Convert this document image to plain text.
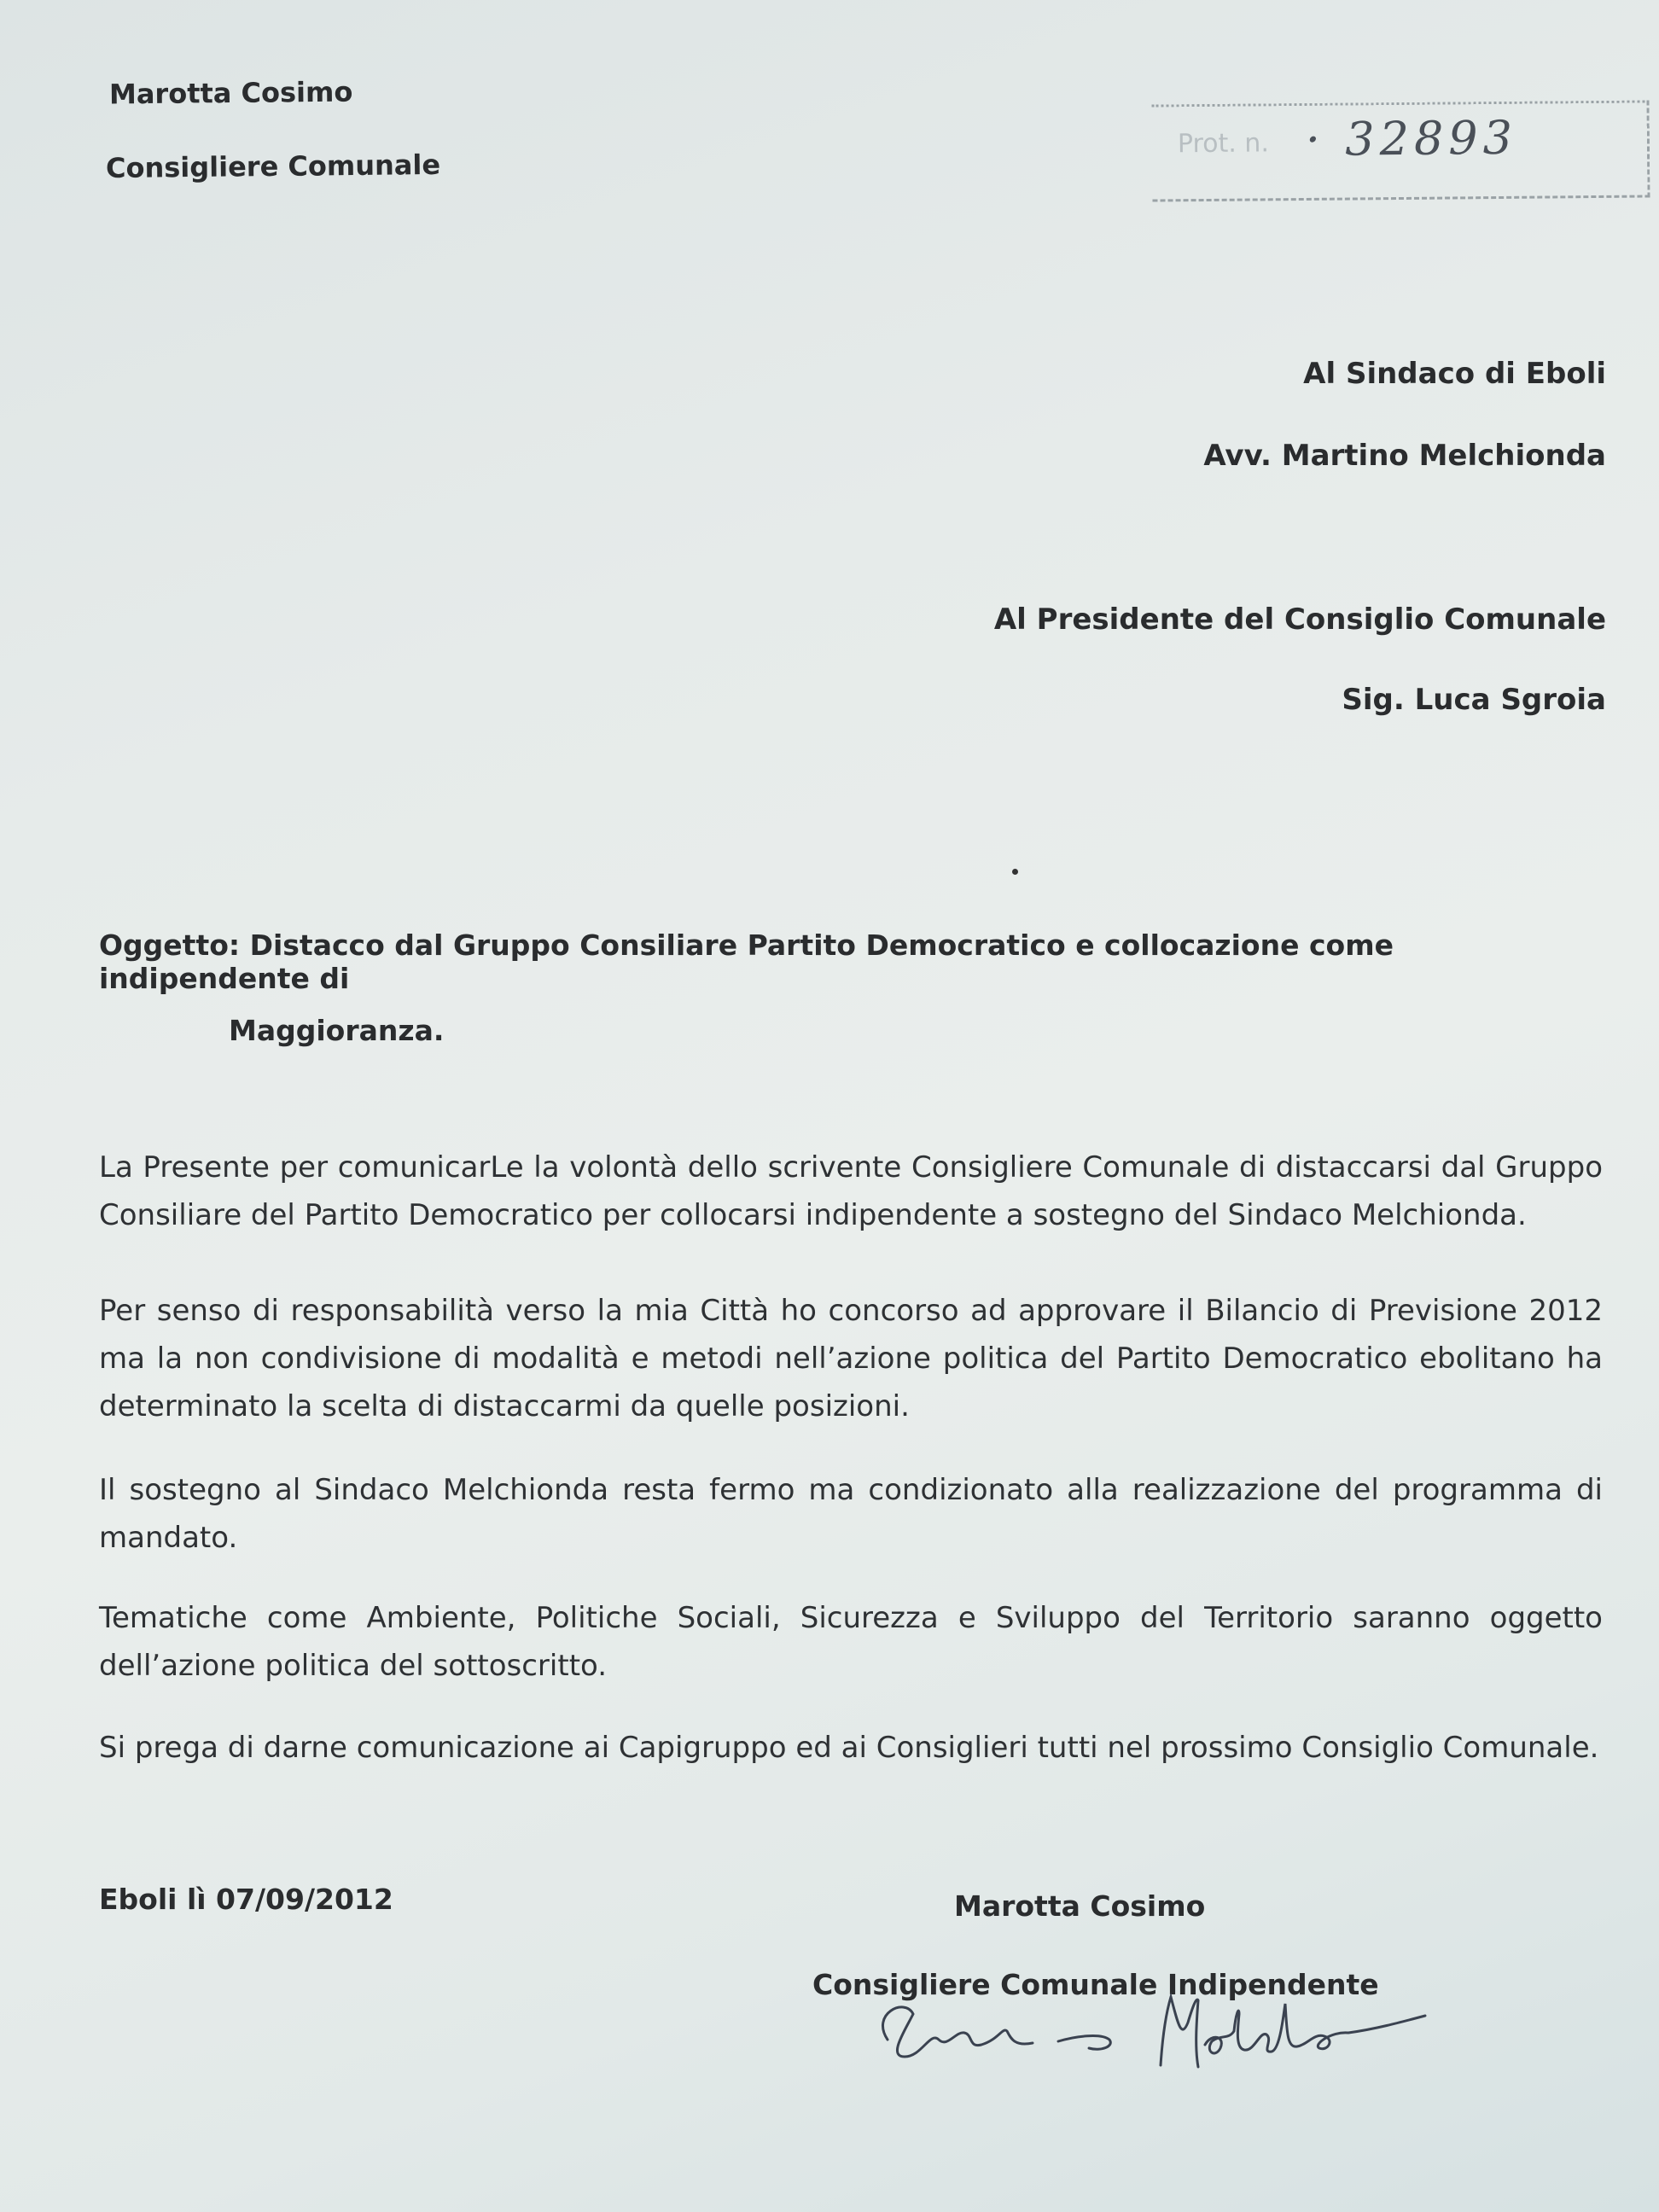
Marotta Cosimo
Consigliere Comunale
Prot. n. · 32893
Al Sindaco di Eboli
Avv. Martino Melchionda
Al Presidente del Consiglio Comunale
Sig. Luca Sgroia
Oggetto: Distacco dal Gruppo Consiliare Partito Democratico e collocazione come indipendente di
Maggioranza.

La Presente per comunicarLe la volontà dello scrivente Consigliere Comunale di distaccarsi dal Gruppo Consiliare del Partito Democratico per collocarsi indipendente a sostegno del Sindaco Melchionda.

Per senso di responsabilità verso la mia Città ho concorso ad approvare il Bilancio di Previsione 2012 ma la non condivisione di modalità e metodi nell’azione politica del Partito Democratico ebolitano ha determinato la scelta di distaccarmi da quelle posizioni.

Il sostegno al Sindaco Melchionda resta fermo ma condizionato alla realizzazione del programma di mandato.

Tematiche come Ambiente, Politiche Sociali, Sicurezza e Sviluppo del Territorio saranno oggetto dell’azione politica del sottoscritto.

Si prega di darne comunicazione ai Capigruppo ed ai Consiglieri tutti nel prossimo Consiglio Comunale.

Eboli lì 07/09/2012	Marotta Cosimo
Consigliere Comunale Indipendente
